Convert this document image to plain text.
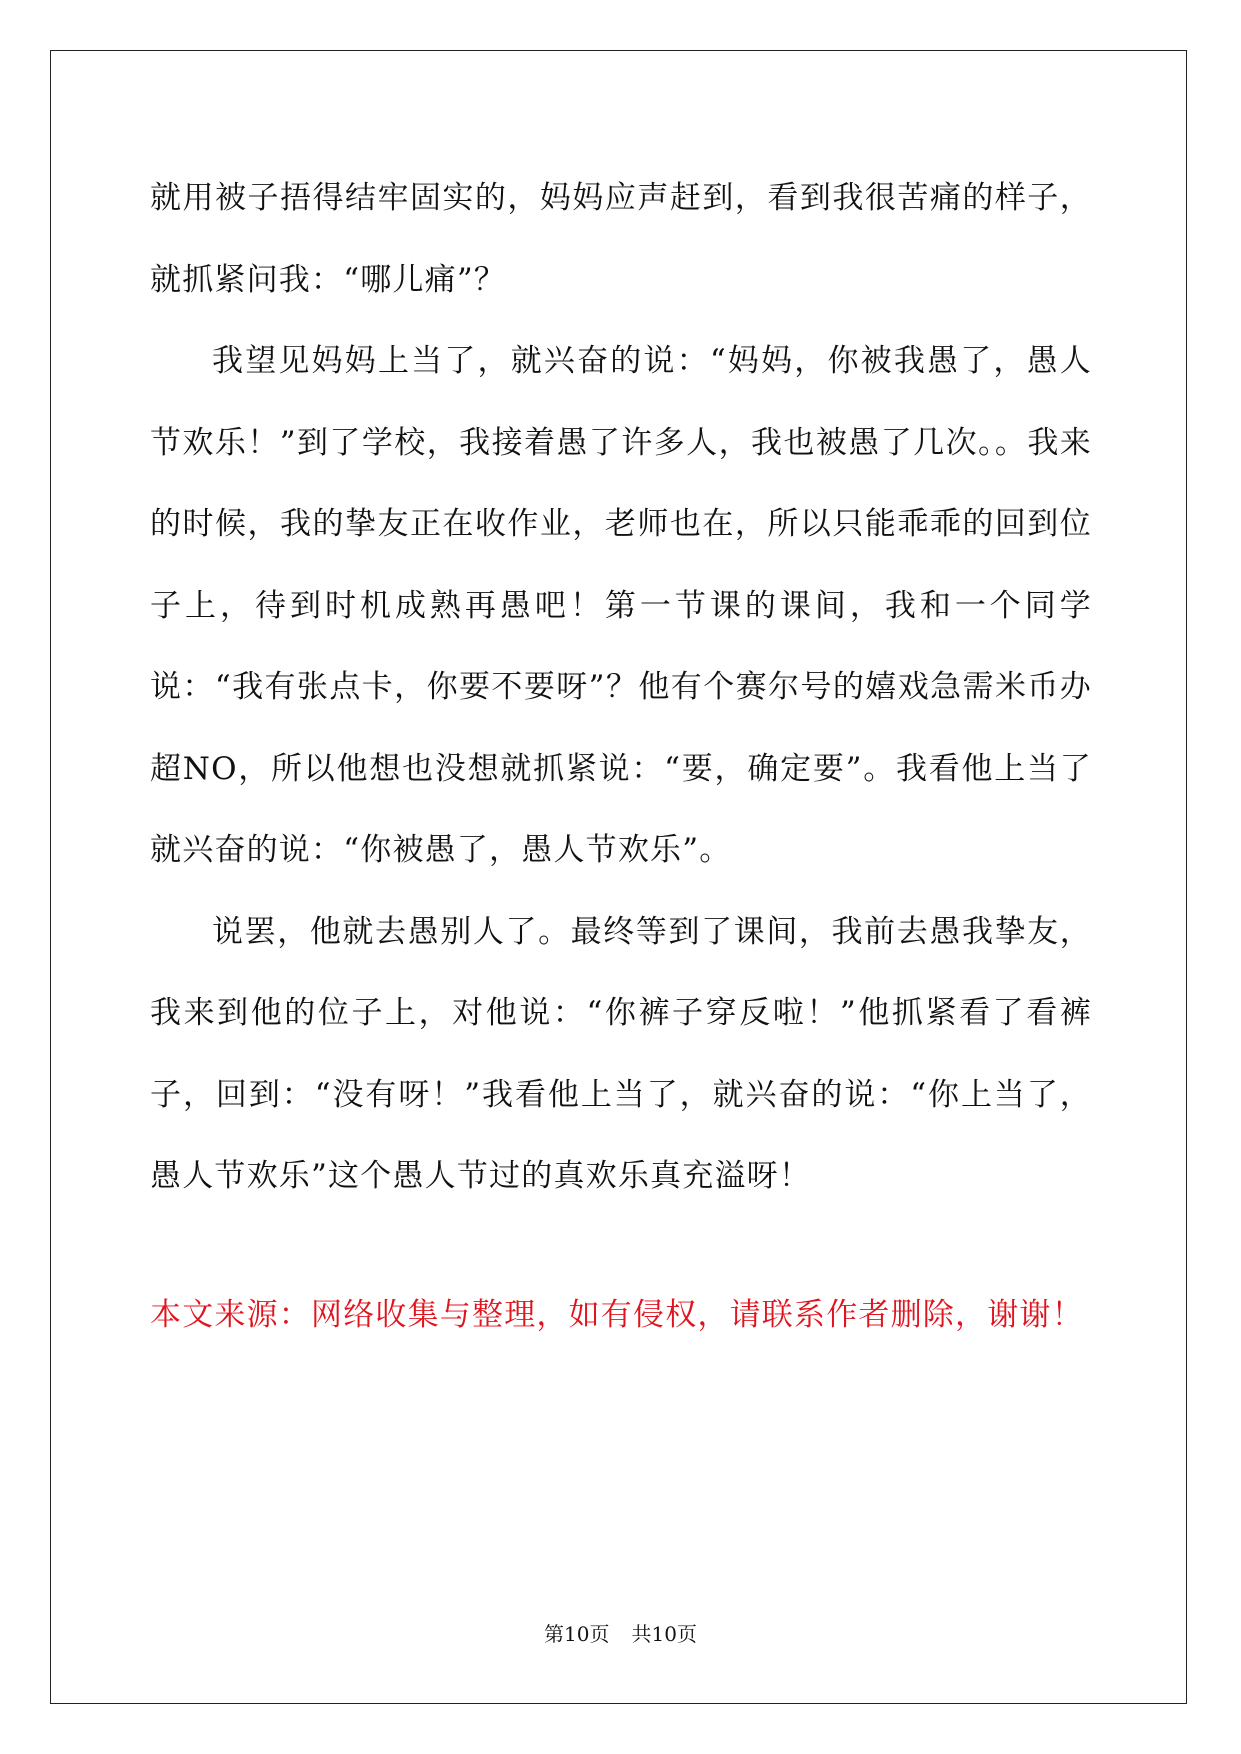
就用被子捂得结牢固实的，妈妈应声赶到，看到我很苦痛的样子，就抓紧问我：“哪儿痛”？

我望见妈妈上当了，就兴奋的说：“妈妈，你被我愚了，愚人节欢乐！”到了学校，我接着愚了许多人，我也被愚了几次。。我来的时候，我的挚友正在收作业，老师也在，所以只能乖乖的回到位子上，待到时机成熟再愚吧！第一节课的课间，我和一个同学说：“我有张点卡，你要不要呀”？他有个赛尔号的嬉戏急需米币办超NO，所以他想也没想就抓紧说：“要，确定要”。我看他上当了就兴奋的说：“你被愚了，愚人节欢乐”。

说罢，他就去愚别人了。最终等到了课间，我前去愚我挚友，我来到他的位子上，对他说：“你裤子穿反啦！”他抓紧看了看裤子，回到：“没有呀！”我看他上当了，就兴奋的说：“你上当了，愚人节欢乐”这个愚人节过的真欢乐真充溢呀！

本文来源：网络收集与整理，如有侵权，请联系作者删除，谢谢！
第10页 共10页
